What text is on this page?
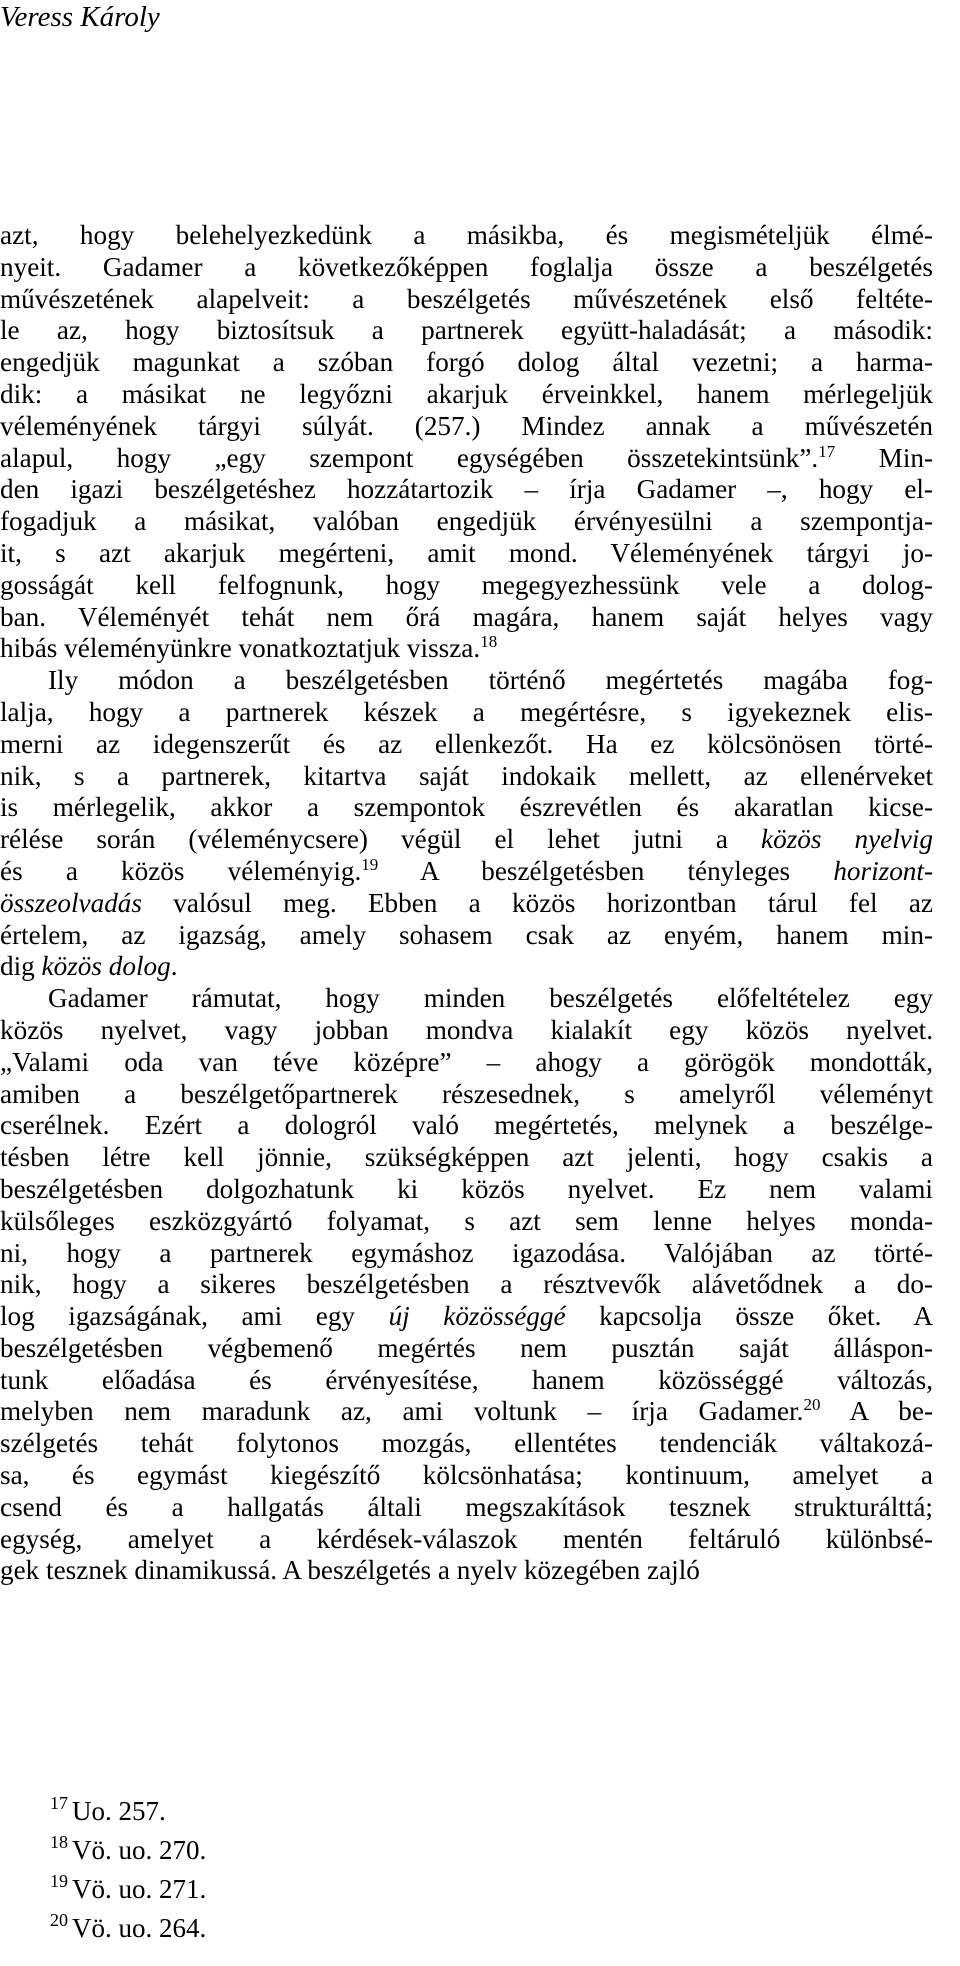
Veress Károly
azt, hogy belehelyezkedünk a másikba, és megismételjük élmé-
nyeit. Gadamer a következőképpen foglalja össze a beszélgetés
művészetének alapelveit: a beszélgetés művészetének első feltéte-
le az, hogy biztosítsuk a partnerek együtt-haladását; a második:
engedjük magunkat a szóban forgó dolog által vezetni; a harma-
dik: a másikat ne legyőzni akarjuk érveinkkel, hanem mérlegeljük
véleményének tárgyi súlyát. (257.) Mindez annak a művészetén
alapul, hogy „egy szempont egységében összetekintsünk”.$^{17}$ Min-
den igazi beszélgetéshez hozzátartozik – írja Gadamer –, hogy el-
fogadjuk a másikat, valóban engedjük érvényesülni a szempontja-
it, s azt akarjuk megérteni, amit mond. Véleményének tárgyi jo-
gosságát kell felfognunk, hogy megegyezhessünk vele a dolog-
ban. Véleményét tehát nem őrá magára, hanem saját helyes vagy
hibás véleményünkre vonatkoztatjuk vissza.$^{18}$
Ily módon a beszélgetésben történő megértetés magába fog-
lalja, hogy a partnerek készek a megértésre, s igyekeznek elis-
merni az idegenszerűt és az ellenkezőt. Ha ez kölcsönösen törté-
nik, s a partnerek, kitartva saját indokaik mellett, az ellenérveket
is mérlegelik, akkor a szempontok észrevétlen és akaratlan kicse-
rélése során (véleménycsere) végül el lehet jutni a közös nyelvig
és a közös véleményig.$^{19}$ A beszélgetésben tényleges horizont-
összeolvadás valósul meg. Ebben a közös horizontban tárul fel az
értelem, az igazság, amely sohasem csak az enyém, hanem min-
dig közös dolog.
Gadamer rámutat, hogy minden beszélgetés előfeltételez egy
közös nyelvet, vagy jobban mondva kialakít egy közös nyelvet.
„Valami oda van téve középre” – ahogy a görögök mondották,
amiben a beszélgetőpartnerek részesednek, s amelyről véleményt
cserélnek. Ezért a dologról való megértetés, melynek a beszélge-
tésben létre kell jönnie, szükségképpen azt jelenti, hogy csakis a
beszélgetésben dolgozhatunk ki közös nyelvet. Ez nem valami
külsőleges eszközgyártó folyamat, s azt sem lenne helyes monda-
ni, hogy a partnerek egymáshoz igazodása. Valójában az törté-
nik, hogy a sikeres beszélgetésben a résztvevők alávetődnek a do-
log igazságának, ami egy új közösséggé kapcsolja össze őket. A
beszélgetésben végbemenő megértés nem pusztán saját álláspon-
tunk előadása és érvényesítése, hanem közösséggé változás,
melyben nem maradunk az, ami voltunk – írja Gadamer.$^{20}$ A be-
szélgetés tehát folytonos mozgás, ellentétes tendenciák váltakozá-
sa, és egymást kiegészítő kölcsönhatása; kontinuum, amelyet a
csend és a hallgatás általi megszakítások tesznek strukturálttá;
egység, amelyet a kérdések-válaszok mentén feltáruló különbsé-
gek tesznek dinamikussá. A beszélgetés a nyelv közegében zajló
$^{17}$ Uo. 257.
$^{18}$ Vö. uo. 270.
$^{19}$ Vö. uo. 271.
$^{20}$ Vö. uo. 264.
